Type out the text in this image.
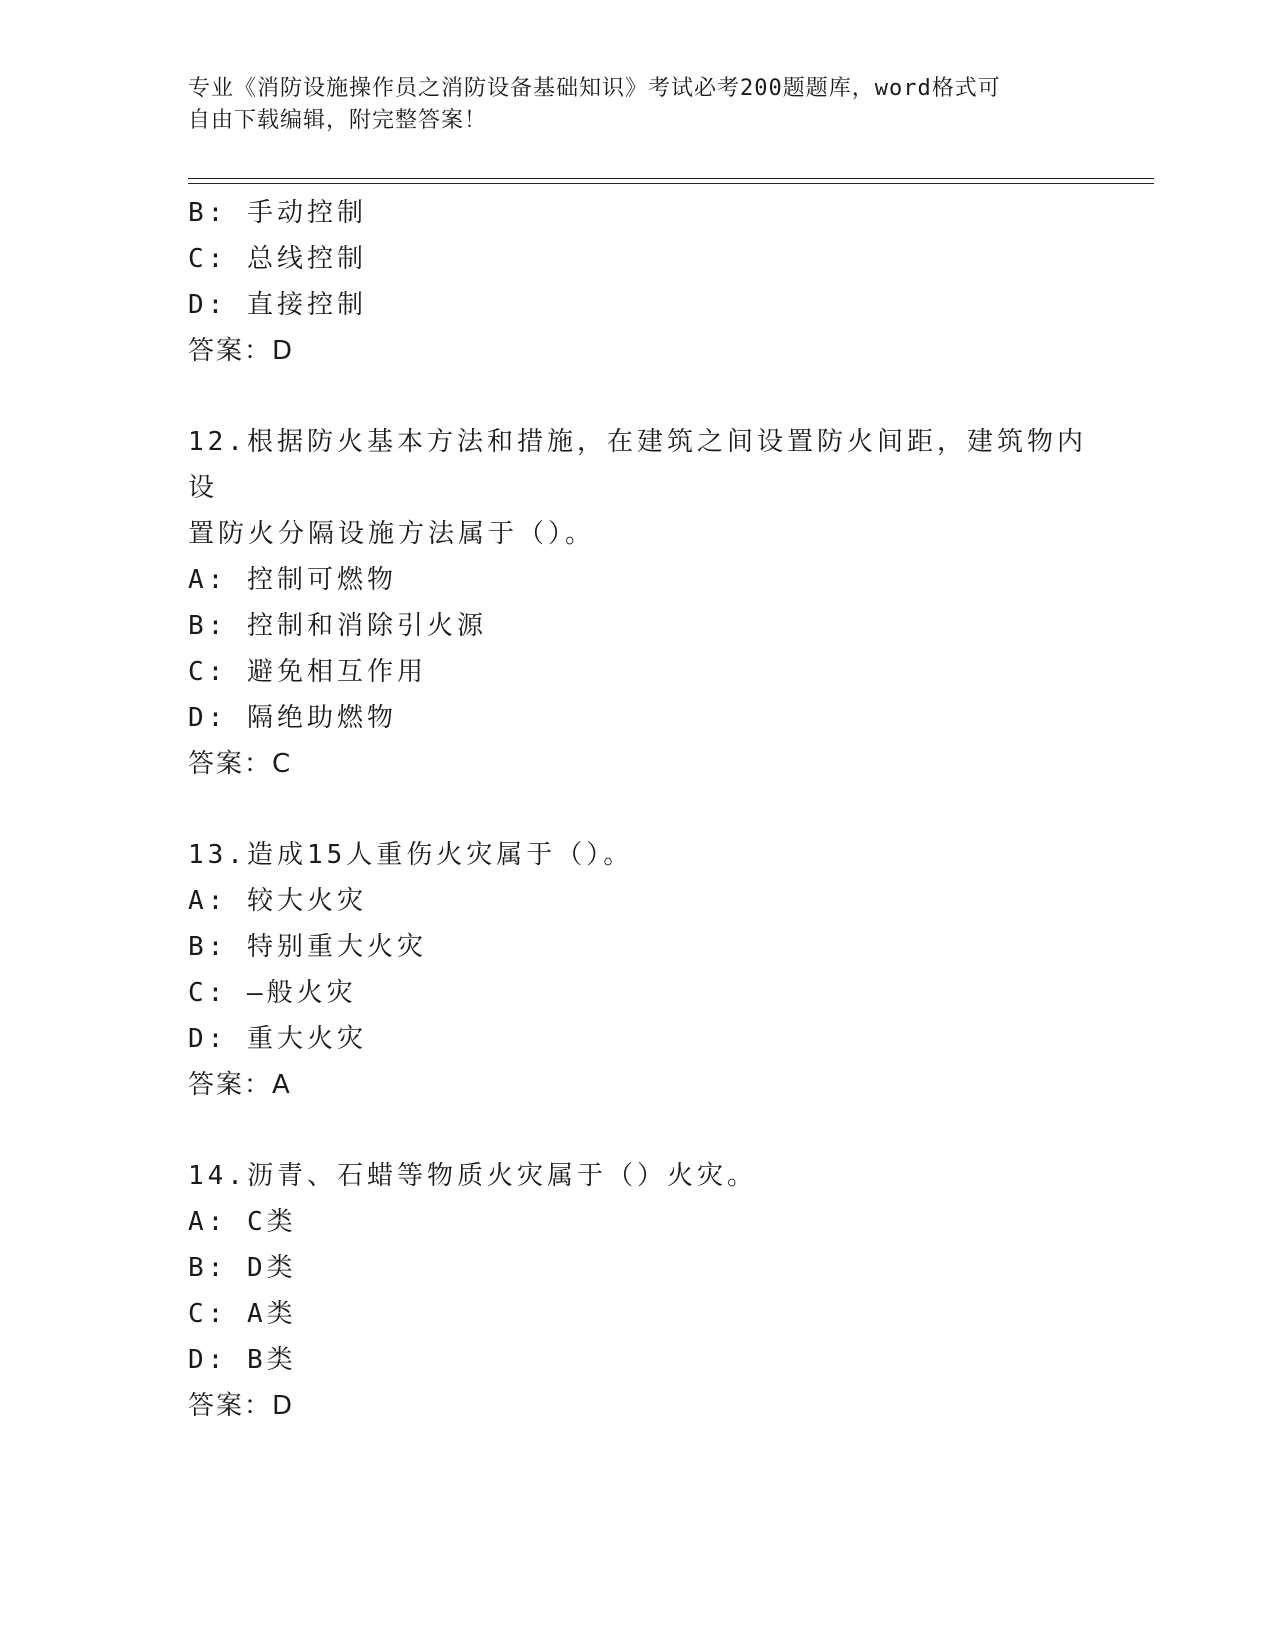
专业《消防设施操作员之消防设备基础知识》考试必考200题题库，word格式可
自由下载编辑，附完整答案！
B: 手动控制
C: 总线控制
D: 直接控制
答案：D
12.根据防火基本方法和措施，在建筑之间设置防火间距，建筑物内设
置防火分隔设施方法属于（）。
A: 控制可燃物
B: 控制和消除引火源
C: 避免相互作用
D: 隔绝助燃物
答案：C
13.造成15人重伤火灾属于（）。
A: 较大火灾
B: 特别重大火灾
C: —般火灾
D: 重大火灾
答案：A
14.沥青、石蜡等物质火灾属于（）火灾。
A: C类
B: D类
C: A类
D: B类
答案：D
